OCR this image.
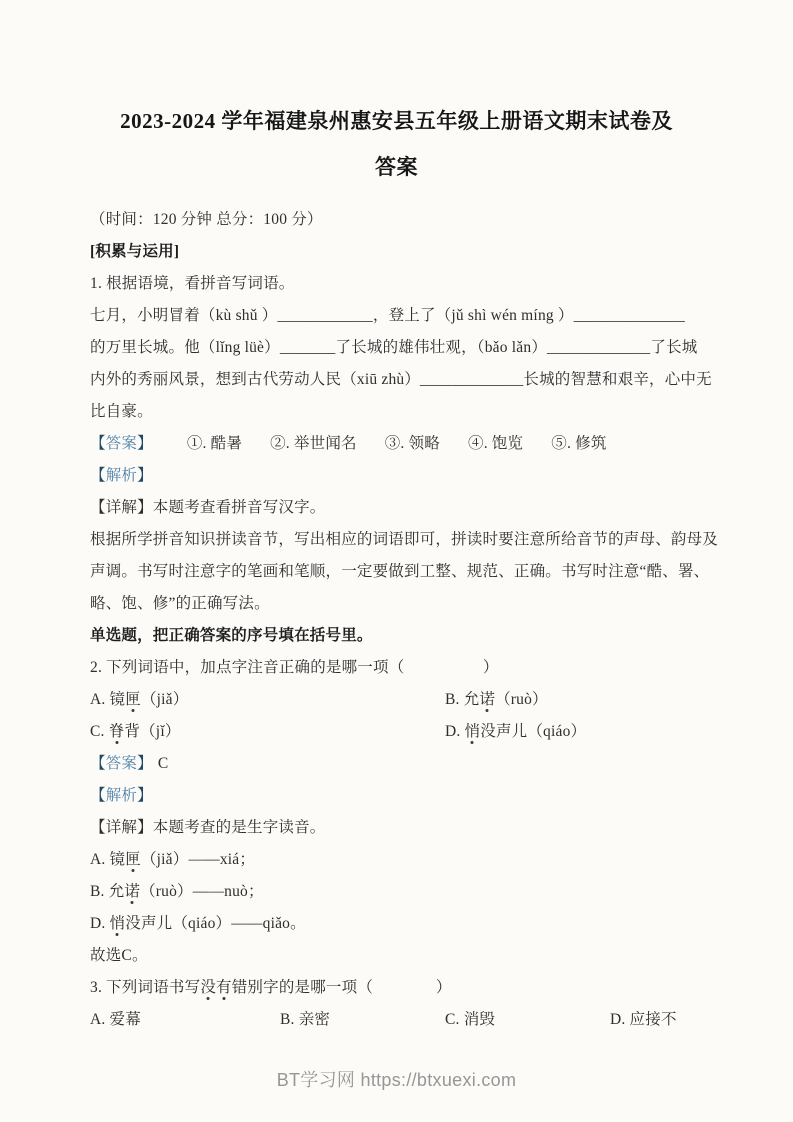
2023-2024 学年福建泉州惠安县五年级上册语文期末试卷及
答案
（时间：120 分钟 总分：100 分）
[积累与运用]
1. 根据语境，看拼音写词语。
七月，小明冒着（kù shǔ ）____________，登上了（jǔ shì wén míng ）______________
的万里长城。他（lǐng lüè）_______了长城的雄伟壮观，（bǎo lǎn）_____________了长城
内外的秀丽风景，想到古代劳动人民（xiū zhù）_____________长城的智慧和艰辛，心中无
比自豪。
【答案】 ①. 酷暑 ②. 举世闻名 ③. 领略 ④. 饱览 ⑤. 修筑
【解析】
【详解】本题考查看拼音写汉字。
根据所学拼音知识拼读音节，写出相应的词语即可，拼读时要注意所给音节的声母、韵母及
声调。书写时注意字的笔画和笔顺，一定要做到工整、规范、正确。书写时注意“酷、署、
略、饱、修”的正确写法。
单选题，把正确答案的序号填在括号里。
2. 下列词语中，加点字注音正确的是哪一项（　　　　　）
A. 镜匣（jiǎ）	B. 允诺（ruò）
C. 脊背（jǐ）	D. 悄没声儿（qiáo）
【答案】 C
【解析】
【详解】本题考查的是生字读音。
A. 镜匣（jiǎ）——xiá；
B. 允诺（ruò）——nuò；
D. 悄没声儿（qiáo）——qiǎo。
故选C。
3. 下列词语书写没有错别字的是哪一项（　　　　）
A. 爱幕	B. 亲密	C. 消毁	D. 应接不
BT学习网 https://btxuexi.com
